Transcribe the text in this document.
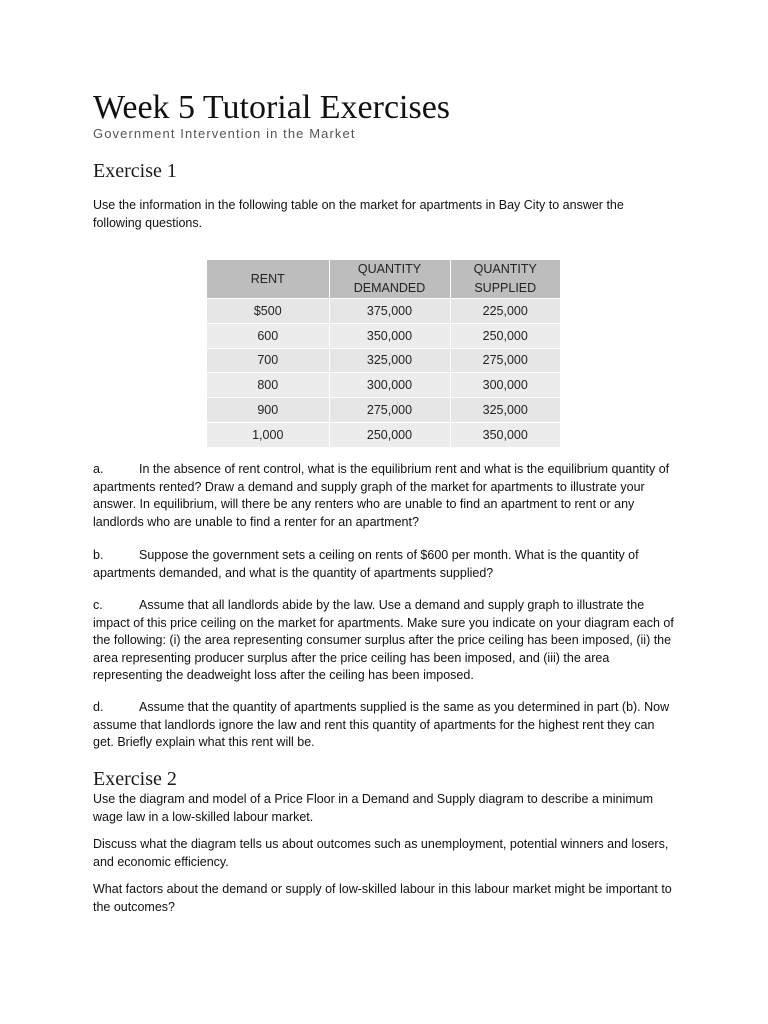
Week 5 Tutorial Exercises

Government Intervention in the Market

Exercise 1

Use the information in the following table on the market for apartments in Bay City to answer the following questions.

RENT	QUANTITY DEMANDED	QUANTITY SUPPLIED
$500	375,000	225,000
600	350,000	250,000
700	325,000	275,000
800	300,000	300,000
900	275,000	325,000
1,000	250,000	350,000

a.	In the absence of rent control, what is the equilibrium rent and what is the equilibrium quantity of apartments rented? Draw a demand and supply graph of the market for apartments to illustrate your answer. In equilibrium, will there be any renters who are unable to find an apartment to rent or any landlords who are unable to find a renter for an apartment?

b.	Suppose the government sets a ceiling on rents of $600 per month. What is the quantity of apartments demanded, and what is the quantity of apartments supplied?

c.	Assume that all landlords abide by the law. Use a demand and supply graph to illustrate the impact of this price ceiling on the market for apartments. Make sure you indicate on your diagram each of the following: (i) the area representing consumer surplus after the price ceiling has been imposed, (ii) the area representing producer surplus after the price ceiling has been imposed, and (iii) the area representing the deadweight loss after the ceiling has been imposed.

d.	Assume that the quantity of apartments supplied is the same as you determined in part (b). Now assume that landlords ignore the law and rent this quantity of apartments for the highest rent they can get. Briefly explain what this rent will be.

Exercise 2

Use the diagram and model of a Price Floor in a Demand and Supply diagram to describe a minimum wage law in a low-skilled labour market.

Discuss what the diagram tells us about outcomes such as unemployment, potential winners and losers, and economic efficiency.

What factors about the demand or supply of low-skilled labour in this labour market might be important to the outcomes?
